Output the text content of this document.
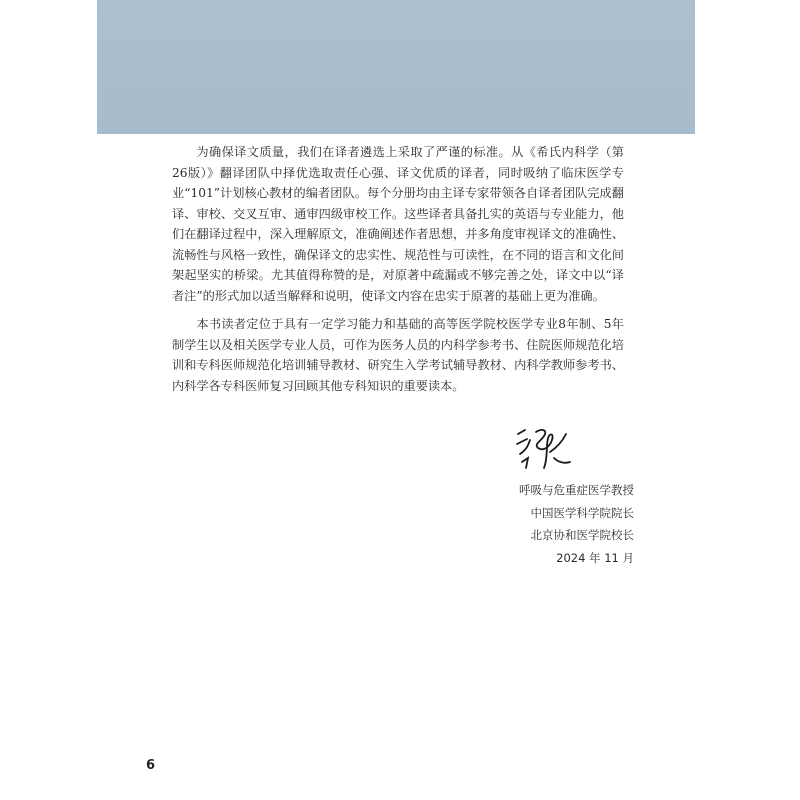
为确保译文质量，我们在译者遴选上采取了严谨的标准。从《希氏内科学（第26版）》翻译团队中择优选取责任心强、译文优质的译者，同时吸纳了临床医学专业“101”计划核心教材的编者团队。每个分册均由主译专家带领各自译者团队完成翻译、审校、交叉互审、通审四级审校工作。这些译者具备扎实的英语与专业能力，他们在翻译过程中，深入理解原文，准确阐述作者思想，并多角度审视译文的准确性、流畅性与风格一致性，确保译文的忠实性、规范性与可读性，在不同的语言和文化间架起坚实的桥梁。尤其值得称赞的是，对原著中疏漏或不够完善之处，译文中以“译者注”的形式加以适当解释和说明，使译文内容在忠实于原著的基础上更为准确。

本书读者定位于具有一定学习能力和基础的高等医学院校医学专业8年制、5年制学生以及相关医学专业人员，可作为医务人员的内科学参考书、住院医师规范化培训和专科医师规范化培训辅导教材、研究生入学考试辅导教材、内科学教师参考书、内科学各专科医师复习回顾其他专科知识的重要读本。

呼吸与危重症医学教授
中国医学科学院院长
北京协和医学院校长
2024 年 11 月
6
